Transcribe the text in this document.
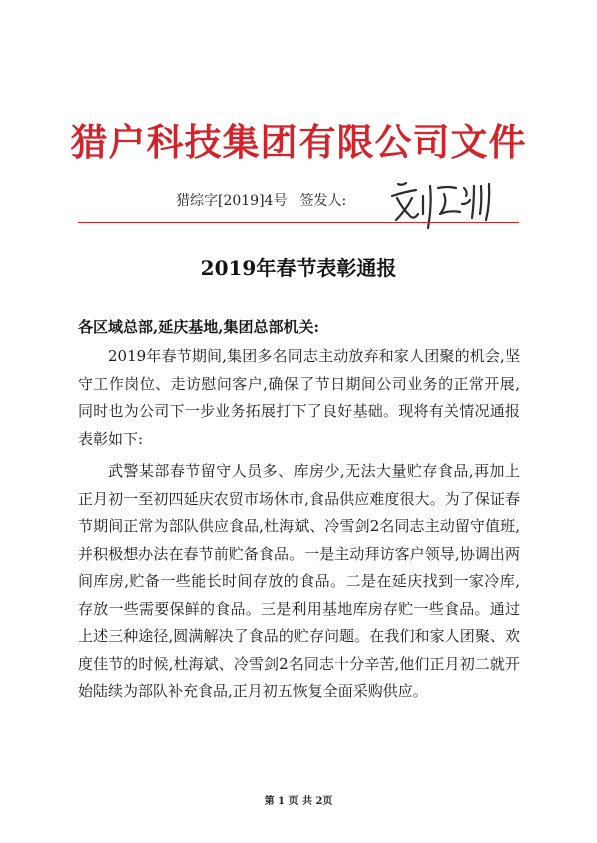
猎户科技集团有限公司文件
猎综字[2019]4号 签发人:
2019年春节表彰通报
各区域总部,延庆基地,集团总部机关:

2019年春节期间,集团多名同志主动放弃和家人团聚的机会,坚守工作岗位、走访慰问客户,确保了节日期间公司业务的正常开展,同时也为公司下一步业务拓展打下了良好基础。现将有关情况通报表彰如下:

武警某部春节留守人员多、库房少,无法大量贮存食品,再加上正月初一至初四延庆农贸市场休市,食品供应难度很大。为了保证春节期间正常为部队供应食品,杜海斌、冷雪剑2名同志主动留守值班,并积极想办法在春节前贮备食品。一是主动拜访客户领导,协调出两间库房,贮备一些能长时间存放的食品。二是在延庆找到一家冷库,存放一些需要保鲜的食品。三是利用基地库房存贮一些食品。通过上述三种途径,圆满解决了食品的贮存问题。在我们和家人团聚、欢度佳节的时候,杜海斌、冷雪剑2名同志十分辛苦,他们正月初二就开始陆续为部队补充食品,正月初五恢复全面采购供应。

第 1 页 共 2页
